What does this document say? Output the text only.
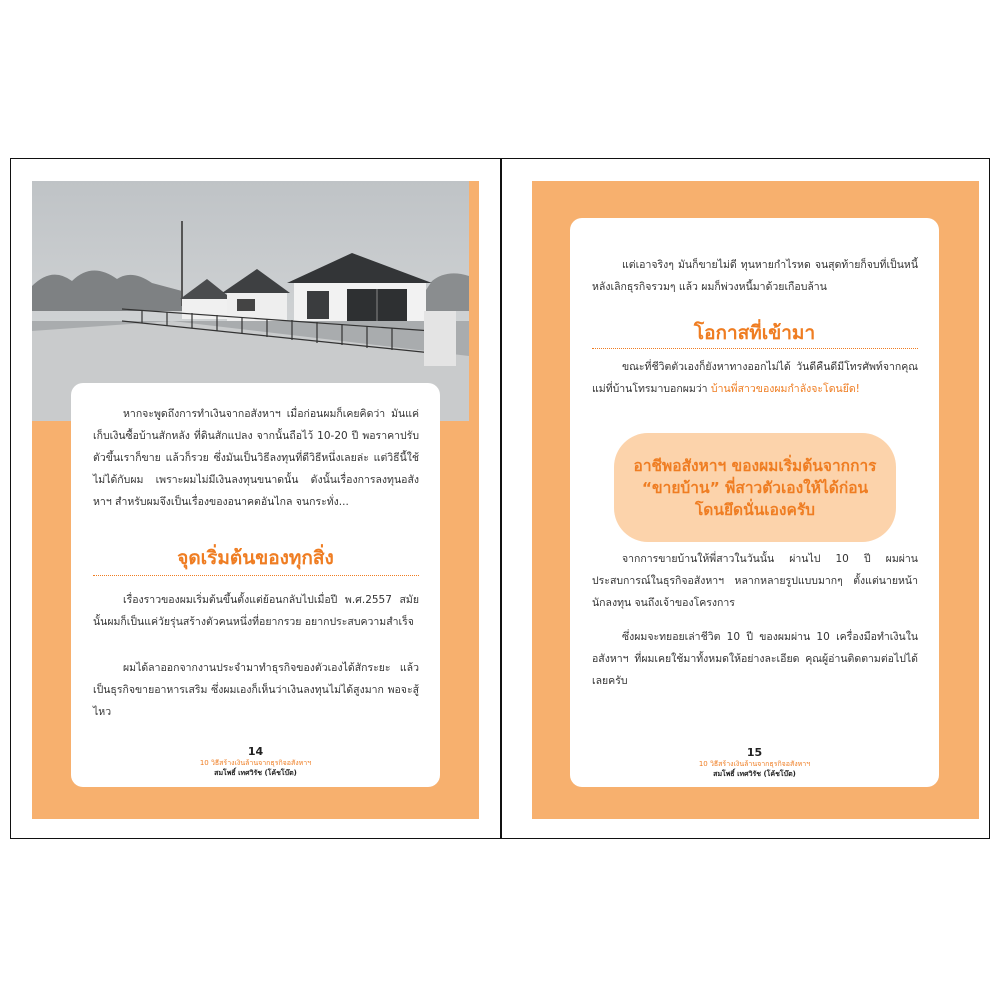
หากจะพูดถึงการทำเงินจากอสังหาฯ เมื่อก่อนผมก็เคยคิดว่า มันแค่เก็บเงินซื้อบ้านสักหลัง ที่ดินสักแปลง จากนั้นถือไว้ 10-20 ปี พอราคาปรับตัวขึ้นเราก็ขาย แล้วก็รวย ซึ่งมันเป็นวิธีลงทุนที่ดีวิธีหนึ่งเลยล่ะ แต่วิธีนี้ใช้ไม่ได้กับผม เพราะผมไม่มีเงินลงทุนขนาดนั้น ดังนั้นเรื่องการลงทุนอสังหาฯ สำหรับผมจึงเป็นเรื่องของอนาคตอันไกล จนกระทั่ง...

จุดเริ่มต้นของทุกสิ่ง

เรื่องราวของผมเริ่มต้นขึ้นตั้งแต่ย้อนกลับไปเมื่อปี พ.ศ.2557 สมัยนั้นผมก็เป็นแค่วัยรุ่นสร้างตัวคนหนึ่งที่อยากรวย อยากประสบความสำเร็จ

ผมได้ลาออกจากงานประจำมาทำธุรกิจของตัวเองได้สักระยะ แล้ว เป็นธุรกิจขายอาหารเสริม ซึ่งผมเองก็เห็นว่าเงินลงทุนไม่ได้สูงมาก พอจะสู้ไหว

14
10 วิธีสร้างเงินล้านจากธุรกิจอสังหาฯ
สมโพธิ์ เทศวิรัช (โค้ชโบ๊ต)

แต่เอาจริงๆ มันก็ขายไม่ดี ทุนหายกำไรหด จนสุดท้ายก็จบที่เป็นหนี้ หลังเลิกธุรกิจรวมๆ แล้ว ผมก็พ่วงหนี้มาด้วยเกือบล้าน

โอกาสที่เข้ามา

ขณะที่ชีวิตตัวเองก็ยังหาทางออกไม่ได้ วันดีคืนดีมีโทรศัพท์จากคุณแม่ที่บ้านโทรมาบอกผมว่า บ้านพี่สาวของผมกำลังจะโดนยึด!

อาชีพอสังหาฯ ของผมเริ่มต้นจากการ “ขายบ้าน” พี่สาวตัวเองให้ได้ก่อนโดนยึดนั่นเองครับ

จากการขายบ้านให้พี่สาวในวันนั้น ผ่านไป 10 ปี ผมผ่านประสบการณ์ในธุรกิจอสังหาฯ หลากหลายรูปแบบมากๆ ตั้งแต่นายหน้า นักลงทุน จนถึงเจ้าของโครงการ

ซึ่งผมจะทยอยเล่าชีวิต 10 ปี ของผมผ่าน 10 เครื่องมือทำเงินในอสังหาฯ ที่ผมเคยใช้มาทั้งหมดให้อย่างละเอียด คุณผู้อ่านติดตามต่อไปได้เลยครับ

15
10 วิธีสร้างเงินล้านจากธุรกิจอสังหาฯ
สมโพธิ์ เทศวิรัช (โค้ชโบ๊ต)
